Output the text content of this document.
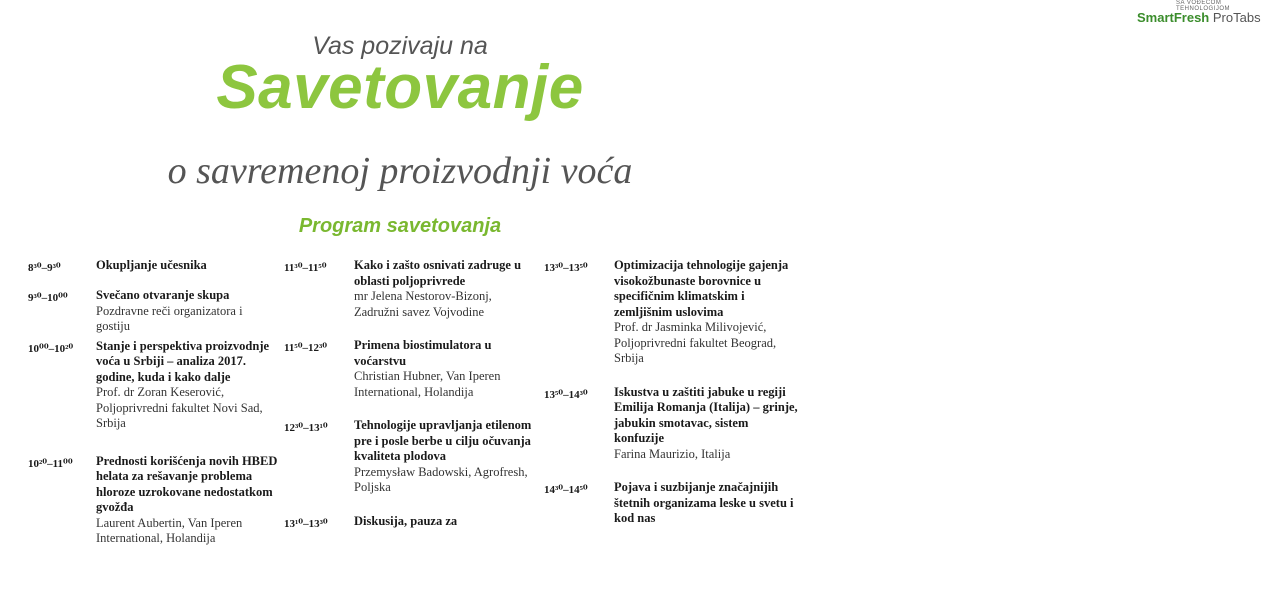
SA VOĐECOM TEHNOLOGIJOM
SmartFresh ProTabs
Vas pozivaju na
Savetovanje
o savremenoj proizvodnji voća
Program savetovanja
8³⁰–9³⁰	Okupljanje učesnika
9³⁰–10⁰⁰	Svečano otvaranje skupa
Pozdravne reči organizatora i gostiju
10⁰⁰–10²⁰	Stanje i perspektiva proizvodnje voća u Srbiji – analiza 2017. godine, kuda i kako dalje
Prof. dr Zoran Keserović, Poljoprivredni fakultet Novi Sad, Srbija
10²⁰–11⁰⁰	Prednosti korišćenja novih HBED helata za rešavanje problema hloroze uzrokovane nedostatkom gvožđa
Laurent Aubertin, Van Iperen International, Holandija
11³⁰–11⁵⁰	Kako i zašto osnivati zadruge u oblasti poljoprivrede
mr Jelena Nestorov-Bizonj, Zadružni savez Vojvodine
11⁵⁰–12³⁰	Primena biostimulatora u voćarstvu
Christian Hubner, Van Iperen International, Holandija
12³⁰–13¹⁰	Tehnologije upravljanja etilenom pre i posle berbe u cilju očuvanja kvaliteta plodova
Przemysław Badowski, Agrofresh, Poljska
13¹⁰–13³⁰	Diskusija, pauza za
13³⁰–13⁵⁰	Optimizacija tehnologije gajenja visokožbunaste borovnice u specifičnim klimatskim i zemljišnim uslovima
Prof. dr Jasminka Milivojević, Poljoprivredni fakultet Beograd, Srbija
13⁵⁰–14³⁰	Iskustva u zaštiti jabuke u regiji Emilija Romanja (Italija) – grinje, jabukin smotavac, sistem konfuzije
Farina Maurizio, Italija
14³⁰–14⁵⁰	Pojava i suzbijanje značajnijih štetnih organizama leske u svetu i kod nas
